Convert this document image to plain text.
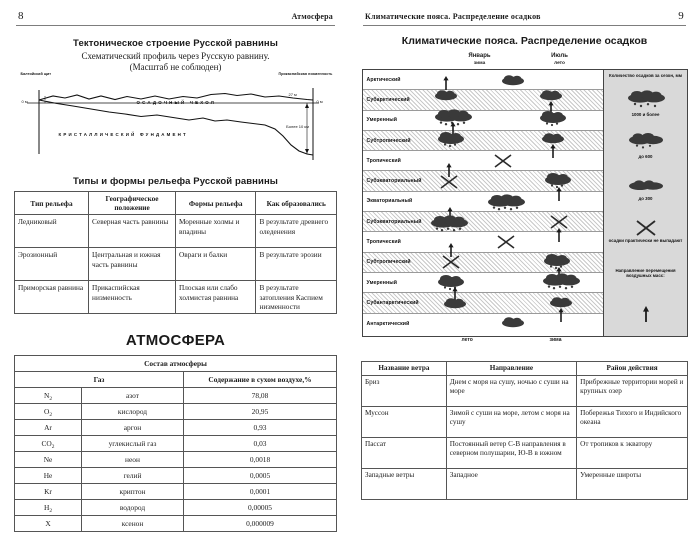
8	Атмосфера
Тектоническое строение Русской равнины

Схематический профиль через Русскую равнину.

(Масштаб не соблюден)

Балтийский щит	Прикаспийская низменность
0 м	0 м
27 м
Более 10 км
ОСАДОЧНЫЙ ЧЕХОЛ
КРИСТАЛЛИЧЕСКИЙ ФУНДАМЕНТ
Типы и формы рельефа Русской равнины
Тип рельефа	Географическое положение	Формы рельефа	Как образовались
Ледниковый	Северная часть равнины	Моренные холмы и впадины	В результате древнего оледенения
Эрозионный	Центральная и южная часть равнины	Овраги и балки	В результате эрозии
Приморская равнина	Прикаспийская низменность	Плоская или слабо холмистая равнина	В результате затопления Каспием низменности
АТМОСФЕРА
Состав атмосферы		
Газ		Содержание в сухом воздухе,%
$N_2$	азот	78,08
$O_2$	кислород	20,95
Ar	аргон	0,93
$CO_2$	углекислый газ	0,03
Ne	неон	0,0018
He	гелий	0,0005
Kr	криптон	0,0001
$H_2$	водород	0,00005
X	ксенон	0,000009
9
Климатические пояса. Распределение осадков
Климатические пояса. Распределение осадков
Январь
зима
Июль
лето
Арктический
Субарктический
Умеренный
Субтропический
Тропический
Субэкваториальный
Экваториальный
Субэкваториальный
Тропический
Субтропический
Умеренный
Субантарктический
Антарктический
Количество осадков за сезон, мм
1000 и более
до 600
до 300
осадки практически не выпадают
Направление перемещения воздушных масс:
лето	зима
Название ветра	Направление	Район действия
Бриз	Днем с моря на сушу, ночью с суши на море	Прибрежные территории морей и крупных озер
Муссон	Зимой с суши на море, летом с моря на сушу	Побережья Тихого и Индийского океана
Пассат	Постоянный ветер С-В направления в северном полушарии, Ю-В в южном	От тропиков к экватору
Западные ветры	Западное	Умеренные широты
